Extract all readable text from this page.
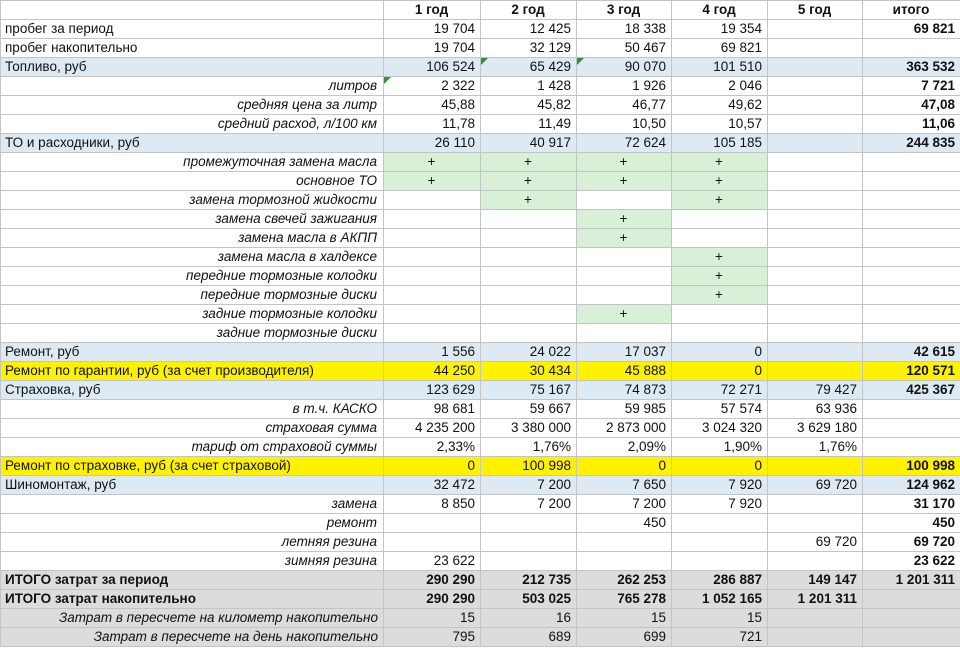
	1 год	2 год	3 год	4 год	5 год	итого
пробег за период	19 704	12 425	18 338	19 354		69 821
пробег накопительно	19 704	32 129	50 467	69 821		
Топливо, руб	106 524	65 429	90 070	101 510		363 532
литров	2 322	1 428	1 926	2 046		7 721
средняя цена за литр	45,88	45,82	46,77	49,62		47,08
средний расход, л/100 км	11,78	11,49	10,50	10,57		11,06
ТО и расходники, руб	26 110	40 917	72 624	105 185		244 835
промежуточная замена масла	+	+	+	+		
основное ТО	+	+	+	+		
замена тормозной жидкости		+		+		
замена свечей зажигания			+			
замена масла в АКПП			+			
замена масла в халдексе				+		
передние тормозные колодки				+		
передние тормозные диски				+		
задние тормозные колодки			+			
задние тормозные диски						
Ремонт, руб	1 556	24 022	17 037	0		42 615
Ремонт по гарантии, руб (за счет производителя)	44 250	30 434	45 888	0		120 571
Страховка, руб	123 629	75 167	74 873	72 271	79 427	425 367
в т.ч. КАСКО	98 681	59 667	59 985	57 574	63 936	
страховая сумма	4 235 200	3 380 000	2 873 000	3 024 320	3 629 180	
тариф от страховой суммы	2,33%	1,76%	2,09%	1,90%	1,76%	
Ремонт по страховке, руб (за счет страховой)	0	100 998	0	0		100 998
Шиномонтаж, руб	32 472	7 200	7 650	7 920	69 720	124 962
замена	8 850	7 200	7 200	7 920		31 170
ремонт			450			450
летняя резина					69 720	69 720
зимняя резина	23 622					23 622
ИТОГО затрат за период	290 290	212 735	262 253	286 887	149 147	1 201 311
ИТОГО затрат накопительно	290 290	503 025	765 278	1 052 165	1 201 311	
Затрат в пересчете на километр накопительно	15	16	15	15		
Затрат в пересчете на день накопительно	795	689	699	721		
